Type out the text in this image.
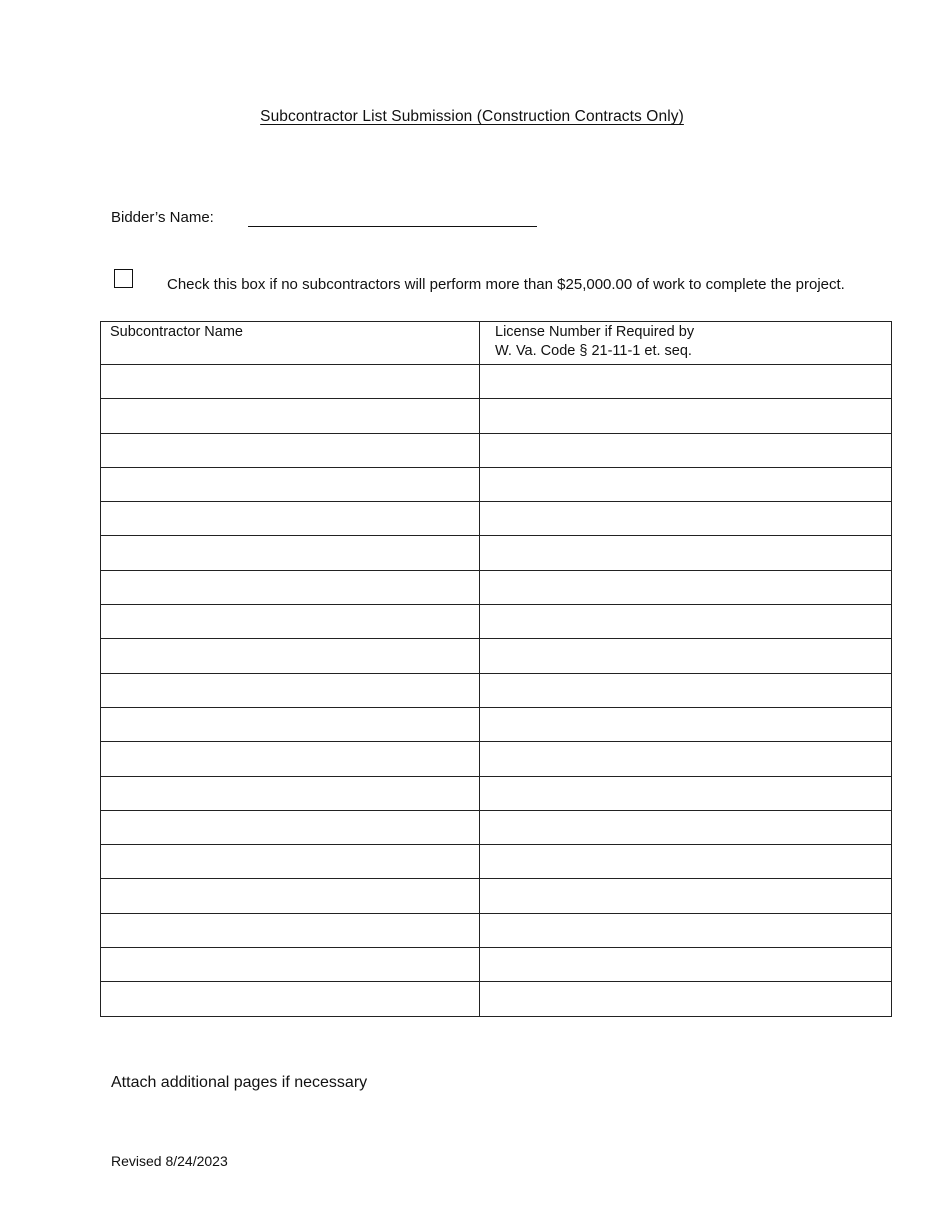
Subcontractor List Submission (Construction Contracts Only)
Bidder’s Name:
Check this box if no subcontractors will perform more than $25,000.00 of work to complete the project.
Subcontractor Name	License Number if Required by
W. Va. Code § 21-11-1 et. seq.

Attach additional pages if necessary
Revised 8/24/2023
